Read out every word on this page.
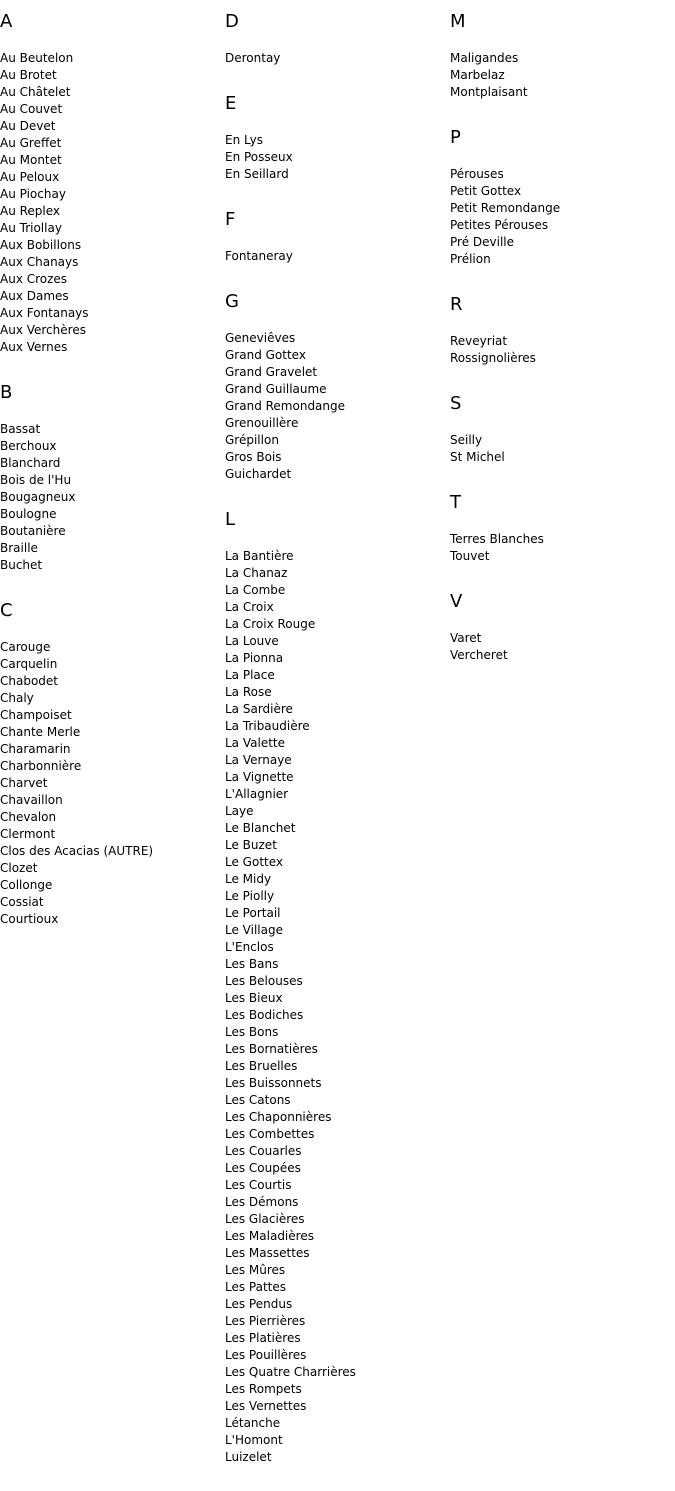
A
Au Beutelon
Au Brotet
Au Châtelet
Au Couvet
Au Devet
Au Greffet
Au Montet
Au Peloux
Au Piochay
Au Replex
Au Triollay
Aux Bobillons
Aux Chanays
Aux Crozes
Aux Dames
Aux Fontanays
Aux Verchères
Aux Vernes
B
Bassat
Berchoux
Blanchard
Bois de l'Hu
Bougagneux
Boulogne
Boutanière
Braille
Buchet
C
Carouge
Carquelin
Chabodet
Chaly
Champoiset
Chante Merle
Charamarin
Charbonnière
Charvet
Chavaillon
Chevalon
Clermont
Clos des Acacias (AUTRE)
Clozet
Collonge
Cossiat
Courtioux
D
Derontay
E
En Lys
En Posseux
En Seillard
F
Fontaneray
G
Geneviêves
Grand Gottex
Grand Gravelet
Grand Guillaume
Grand Remondange
Grenouillère
Grépillon
Gros Bois
Guichardet
L
La Bantière
La Chanaz
La Combe
La Croix
La Croix Rouge
La Louve
La Pionna
La Place
La Rose
La Sardière
La Tribaudière
La Valette
La Vernaye
La Vignette
L'Allagnier
Laye
Le Blanchet
Le Buzet
Le Gottex
Le Midy
Le Piolly
Le Portail
Le Village
L'Enclos
Les Bans
Les Belouses
Les Bieux
Les Bodiches
Les Bons
Les Bornatières
Les Bruelles
Les Buissonnets
Les Catons
Les Chaponnières
Les Combettes
Les Couarles
Les Coupées
Les Courtis
Les Démons
Les Glacières
Les Maladières
Les Massettes
Les Mûres
Les Pattes
Les Pendus
Les Pierrières
Les Platières
Les Pouillères
Les Quatre Charrières
Les Rompets
Les Vernettes
Létanche
L'Homont
Luizelet
M
Maligandes
Marbelaz
Montplaisant
P
Pérouses
Petit Gottex
Petit Remondange
Petites Pérouses
Pré Deville
Prélion
R
Reveyriat
Rossignolières
S
Seilly
St Michel
T
Terres Blanches
Touvet
V
Varet
Vercheret
